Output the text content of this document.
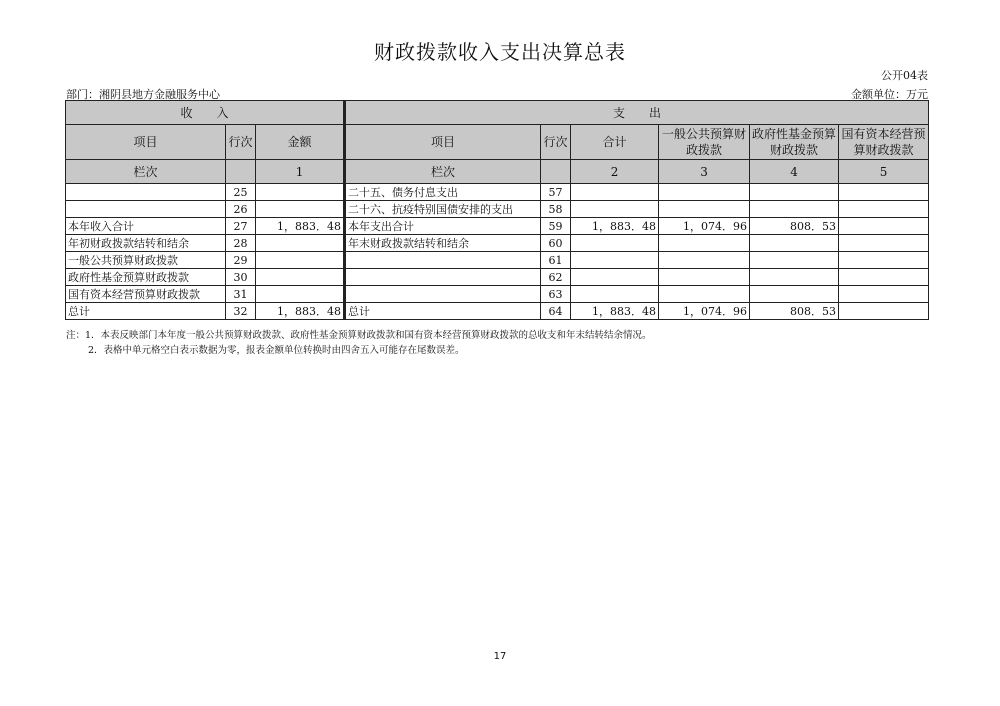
财政拨款收入支出决算总表
公开04表
部门：湘阴县地方金融服务中心	金额单位：万元
收　　入			支　　出					
项目	行次	金额	项目	行次	合计	一般公共预算财政拨款	政府性基金预算财政拨款	国有资本经营预算财政拨款
栏次		1	栏次		2	3	4	5
	25		二十五、债务付息支出	57				
	26		二十六、抗疫特别国债安排的支出	58				
本年收入合计	27	1，883．48	本年支出合计	59	1，883．48	1，074．96	808．53	
年初财政拨款结转和结余	28		年末财政拨款结转和结余	60				
一般公共预算财政拨款	29			61				
政府性基金预算财政拨款	30			62				
国有资本经营预算财政拨款	31			63				
总计	32	1，883．48	总计	64	1，883．48	1，074．96	808．53	
注：1．本表反映部门本年度一般公共预算财政拨款、政府性基金预算财政拨款和国有资本经营预算财政拨款的总收支和年末结转结余情况。
2．表格中单元格空白表示数据为零，报表金额单位转换时由四舍五入可能存在尾数误差。
17
